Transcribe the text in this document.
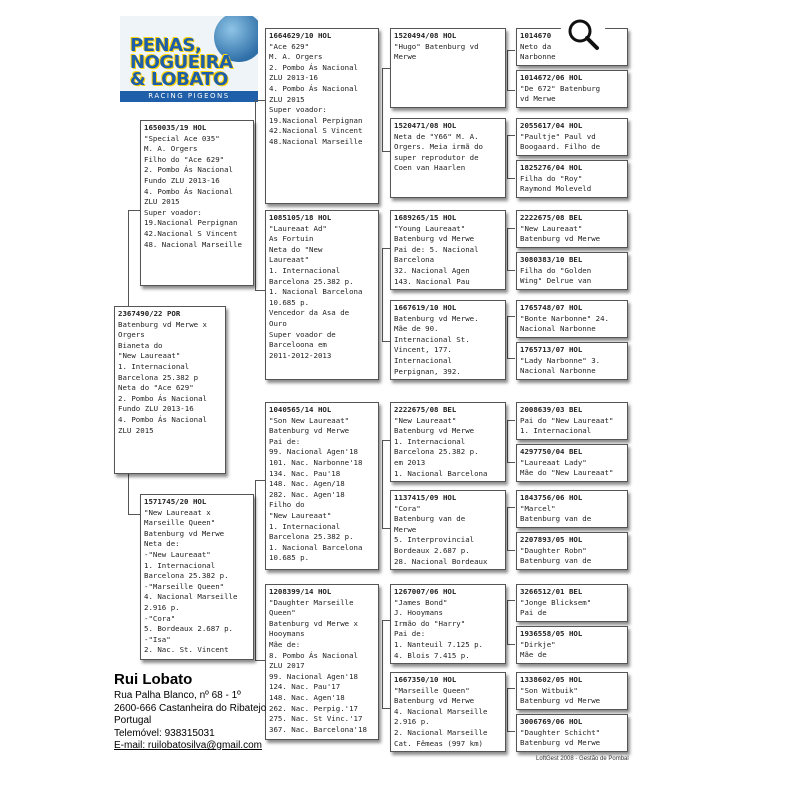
PENAS,
NOGUEIRA
& LOBATO
RACING PIGEONS
2367490/22 POR
Batenburg vd Merwe x
Orgers
Bianeta do
"New Laureaat"
1. Internacional
Barcelona 25.382 p
Neta do "Ace 629"
2. Pombo Ás Nacional
Fundo ZLU 2013-16
4. Pombo Ás Nacional
ZLU 2015
1650035/19 HOL
"Special Ace 035"
M. A. Orgers
Filho do "Ace 629"
2. Pombo Ás Nacional
Fundo ZLU 2013-16
4. Pombo Ás Nacional
ZLU 2015
Super voador:
19.Nacional Perpignan
42.Nacional S Vincent
48. Nacional Marseille
1571745/20 HOL
"New Laureaat x
Marseille Queen"
Batenburg vd Merwe
Neta de:
-"New Laureaat"
1. Internacional
Barcelona 25.382 p.
-"Marseille Queen"
4. Nacional Marseille
2.916 p.
-"Cora"
5. Bordeaux 2.687 p.
-"Isa"
2. Nac. St. Vincent
1664629/10 HOL
"Ace 629"
M. A. Orgers
2. Pombo Ás Nacional
ZLU 2013-16
4. Pombo Ás Nacional
ZLU 2015
Super voador:
19.Nacional Perpignan
42.Nacional S Vincent
48.Nacional Marseille
1085105/18 HOL
"Laureaat Ad"
As Fortuin
Neta do "New
Laureaat"
1. Internacional
Barcelona 25.382 p.
1. Nacional Barcelona
10.685 p.
Vencedor da Asa de
Ouro
Super voador de
Barceloona em
2011-2012-2013
1040565/14 HOL
"Son New Laureaat"
Batenburg vd Merwe
Pai de:
99. Nacional Agen'18
101. Nac. Narbonne'18
134. Nac. Pau'18
148. Nac. Agen/18
282. Nac. Agen'18
Filho do
"New Laureaat"
1. Internacional
Barcelona 25.382 p.
1. Nacional Barcelona
10.685 p.
1208399/14 HOL
"Daughter Marseille
Queen"
Batenburg vd Merwe x
Hooymans
Mãe de:
8. Pombo Ás Nacional
ZLU 2017
99. Nacional Agen'18
124. Nac. Pau'17
148. Nac. Agen'18
262. Nac. Perpig.'17
275. Nac. St Vinc.'17
367. Nac. Barcelona'18
1520494/08 HOL
"Hugo" Batenburg vd
Merwe
1520471/08 HOL
Neta de "Y66" M. A.
Orgers. Meia irmã do
super reprodutor de
Coen van Haarlen
1689265/15 HOL
"Young Laureaat"
Batenburg vd Merwe
Pai de: 5. Nacional
Barcelona
32. Nacional Agen
143. Nacional Pau
1667619/10 HOL
Batenburg vd Merwe.
Mãe de 90.
Internacional St.
Vincent, 177.
Internacional
Perpignan, 392.
2222675/08 BEL
"New Laureaat"
Batenburg vd Merwe
1. Internacional
Barcelona 25.382 p.
em 2013
1. Nacional Barcelona
1137415/09 HOL
"Cora"
Batenburg van de
Merwe
5. Interprovincial
Bordeaux 2.687 p.
28. Nacional Bordeaux
1267007/06 HOL
"James Bond"
J. Hooymans
Irmão do "Harry"
Pai de:
1. Nanteuil 7.125 p.
4. Blois 7.415 p.
1667350/10 HOL
"Marseille Queen"
Batenburg vd Merwe
4. Nacional Marseille
2.916 p.
2. Nacional Marseille
Cat. Fêmeas (997 km)
1014670
Neto da
Narbonne
1014672/06 HOL
"De 672" Batenburg
vd Merwe
2055617/04 HOL
"Paultje" Paul vd
Boogaard. Filho de
1825276/04 HOL
Filha do "Roy"
Raymond Moleveld
2222675/08 BEL
"New Laureaat"
Batenburg vd Merwe
3080383/10 BEL
Filha do "Golden
Wing" Delrue van
1765748/07 HOL
"Bonte Narbonne" 24.
Nacional Narbonne
1765713/07 HOL
"Lady Narbonne" 3.
Nacional Narbonne
2008639/03 BEL
Pai do "New Laureaat"
1. Internacional
4297750/04 BEL
"Laureaat Lady"
Mãe do "New Laureaat"
1843756/06 HOL
"Marcel"
Batenburg van de
2207893/05 HOL
"Daughter Robn"
Batenburg van de
3266512/01 BEL
"Jonge Blicksem"
Pai de
1936558/05 HOL
"Dirkje"
Mãe de
1338602/05 HOL
"Son Witbuik"
Batenburg vd Merwe
3006769/06 HOL
"Daughter Schicht"
Batenburg vd Merwe
Rui Lobato
Rua Palha Blanco, nº 68 - 1º
2600-666 Castanheira do Ribatejo
Portugal
Telemóvel: 938315031
E-mail: ruilobatosilva@gmail.com
LoftGest 2008 - Gestão de Pombal
